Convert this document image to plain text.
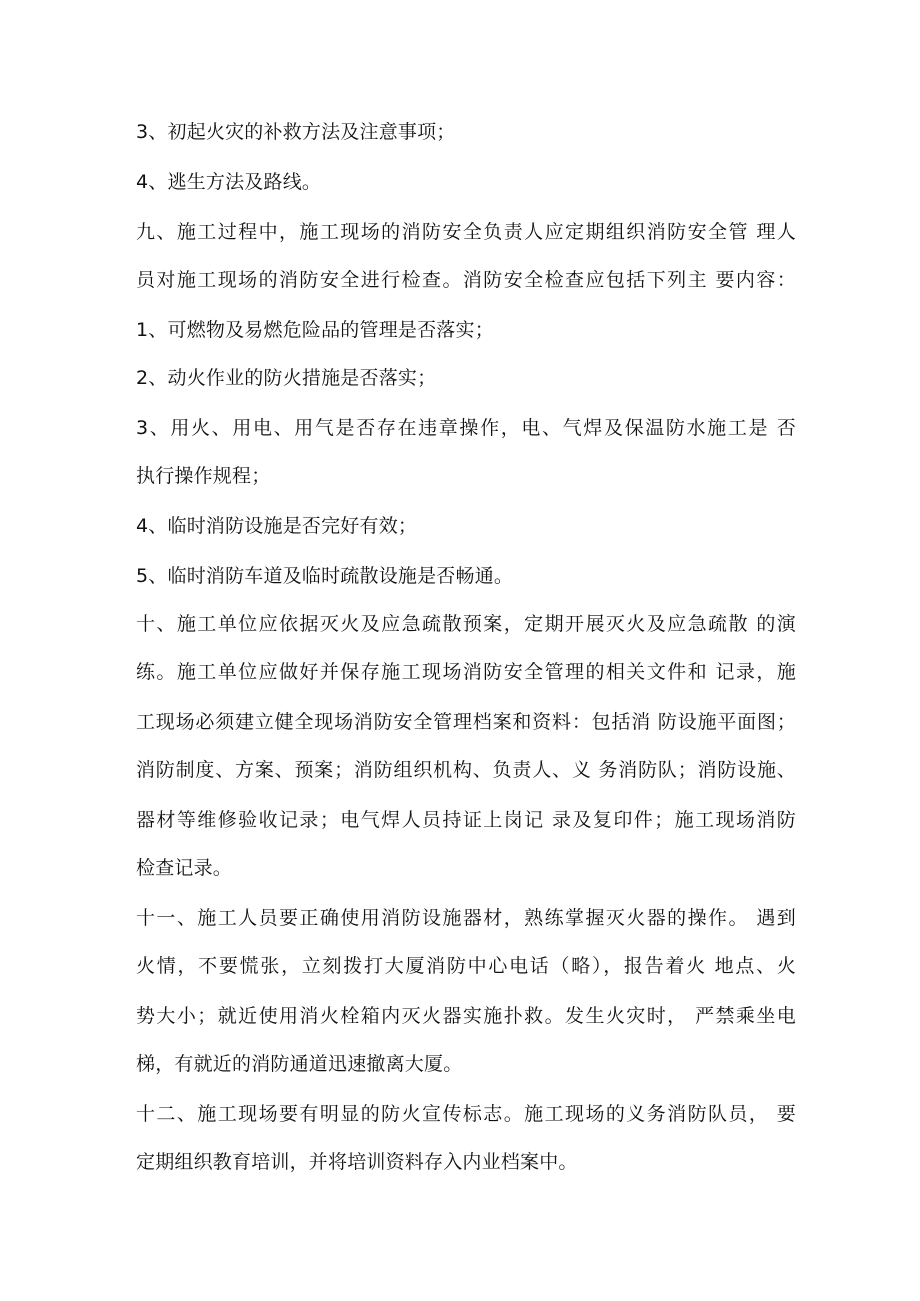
3、初起火灾的补救方法及注意事项；
4、逃生方法及路线。
九、施工过程中，施工现场的消防安全负责人应定期组织消防安全管 理人
员对施工现场的消防安全进行检查。消防安全检查应包括下列主 要内容：
1、可燃物及易燃危险品的管理是否落实；
2、动火作业的防火措施是否落实；
3、用火、用电、用气是否存在违章操作，电、气焊及保温防水施工是 否
执行操作规程；
4、临时消防设施是否完好有效；
5、临时消防车道及临时疏散设施是否畅通。
十、施工单位应依据灭火及应急疏散预案，定期开展灭火及应急疏散 的演
练。施工单位应做好并保存施工现场消防安全管理的相关文件和 记录，施
工现场必须建立健全现场消防安全管理档案和资料：包括消 防设施平面图；
消防制度、方案、预案；消防组织机构、负责人、义 务消防队；消防设施、
器材等维修验收记录；电气焊人员持证上岗记 录及复印件；施工现场消防
检查记录。
十一、施工人员要正确使用消防设施器材，熟练掌握灭火器的操作。 遇到
火情，不要慌张，立刻拨打大厦消防中心电话（略），报告着火 地点、火
势大小；就近使用消火栓箱内灭火器实施扑救。发生火灾时， 严禁乘坐电
梯，有就近的消防通道迅速撤离大厦。
十二、施工现场要有明显的防火宣传标志。施工现场的义务消防队员， 要
定期组织教育培训，并将培训资料存入内业档案中。
